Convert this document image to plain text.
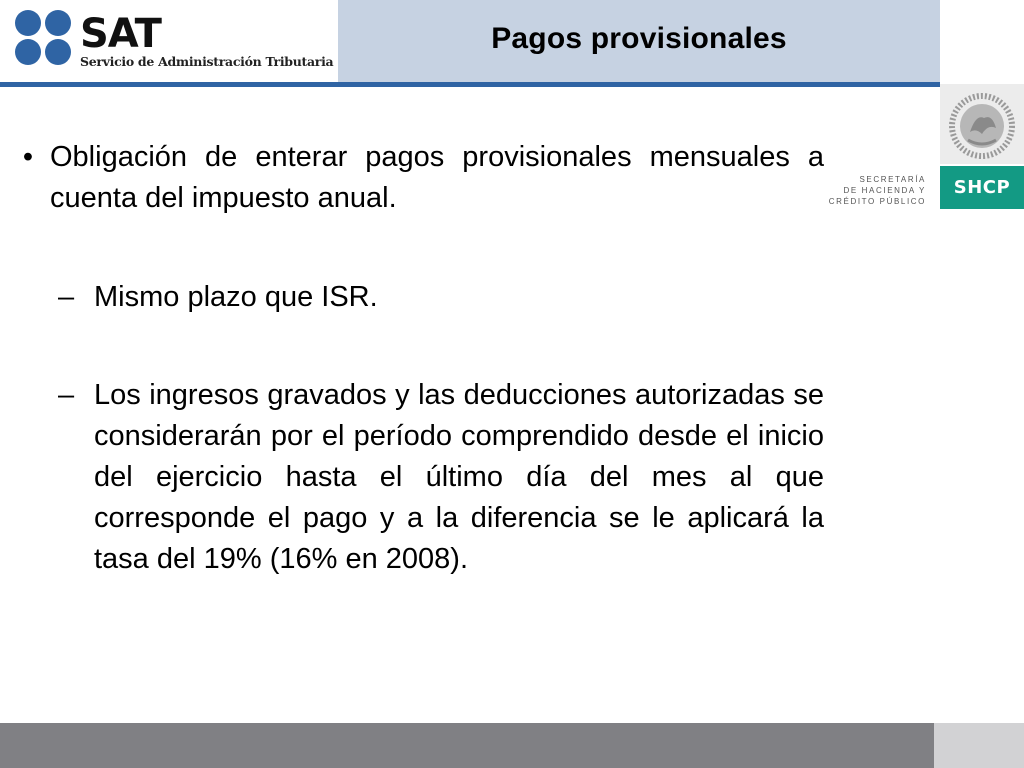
SAT
Servicio de Administración Tributaria
Pagos provisionales
SECRETARÍA
DE HACIENDA Y
CRÉDITO PÚBLICO
SHCP
• Obligación de enterar pagos provisionales mensuales a cuenta del impuesto anual.
– Mismo plazo que ISR.
– Los ingresos gravados y las deducciones autorizadas se considerarán por el período comprendido desde el inicio del ejercicio hasta el último día del mes al que corresponde el pago y a la diferencia se le aplicará la tasa del 19% (16% en 2008).
